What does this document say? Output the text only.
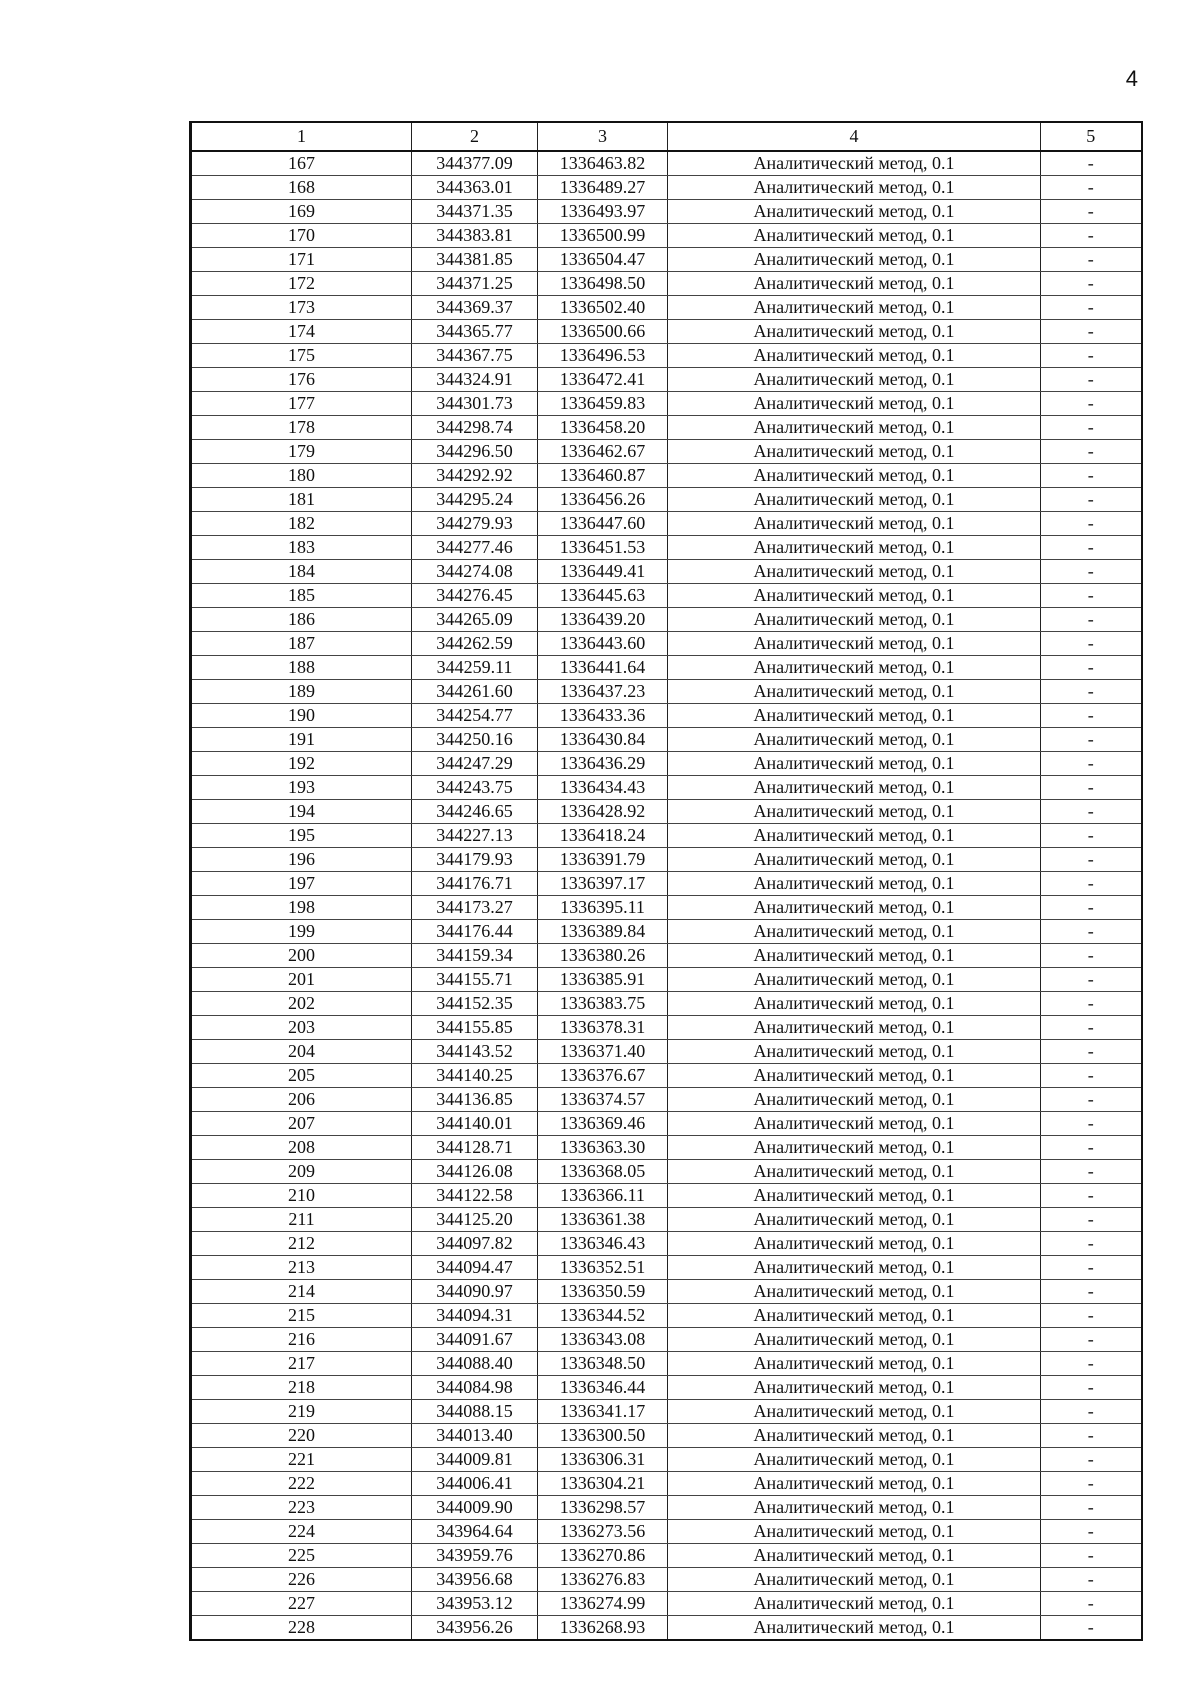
4
1	2	3	4	5
167	344377.09	1336463.82	Аналитический метод, 0.1	-
168	344363.01	1336489.27	Аналитический метод, 0.1	-
169	344371.35	1336493.97	Аналитический метод, 0.1	-
170	344383.81	1336500.99	Аналитический метод, 0.1	-
171	344381.85	1336504.47	Аналитический метод, 0.1	-
172	344371.25	1336498.50	Аналитический метод, 0.1	-
173	344369.37	1336502.40	Аналитический метод, 0.1	-
174	344365.77	1336500.66	Аналитический метод, 0.1	-
175	344367.75	1336496.53	Аналитический метод, 0.1	-
176	344324.91	1336472.41	Аналитический метод, 0.1	-
177	344301.73	1336459.83	Аналитический метод, 0.1	-
178	344298.74	1336458.20	Аналитический метод, 0.1	-
179	344296.50	1336462.67	Аналитический метод, 0.1	-
180	344292.92	1336460.87	Аналитический метод, 0.1	-
181	344295.24	1336456.26	Аналитический метод, 0.1	-
182	344279.93	1336447.60	Аналитический метод, 0.1	-
183	344277.46	1336451.53	Аналитический метод, 0.1	-
184	344274.08	1336449.41	Аналитический метод, 0.1	-
185	344276.45	1336445.63	Аналитический метод, 0.1	-
186	344265.09	1336439.20	Аналитический метод, 0.1	-
187	344262.59	1336443.60	Аналитический метод, 0.1	-
188	344259.11	1336441.64	Аналитический метод, 0.1	-
189	344261.60	1336437.23	Аналитический метод, 0.1	-
190	344254.77	1336433.36	Аналитический метод, 0.1	-
191	344250.16	1336430.84	Аналитический метод, 0.1	-
192	344247.29	1336436.29	Аналитический метод, 0.1	-
193	344243.75	1336434.43	Аналитический метод, 0.1	-
194	344246.65	1336428.92	Аналитический метод, 0.1	-
195	344227.13	1336418.24	Аналитический метод, 0.1	-
196	344179.93	1336391.79	Аналитический метод, 0.1	-
197	344176.71	1336397.17	Аналитический метод, 0.1	-
198	344173.27	1336395.11	Аналитический метод, 0.1	-
199	344176.44	1336389.84	Аналитический метод, 0.1	-
200	344159.34	1336380.26	Аналитический метод, 0.1	-
201	344155.71	1336385.91	Аналитический метод, 0.1	-
202	344152.35	1336383.75	Аналитический метод, 0.1	-
203	344155.85	1336378.31	Аналитический метод, 0.1	-
204	344143.52	1336371.40	Аналитический метод, 0.1	-
205	344140.25	1336376.67	Аналитический метод, 0.1	-
206	344136.85	1336374.57	Аналитический метод, 0.1	-
207	344140.01	1336369.46	Аналитический метод, 0.1	-
208	344128.71	1336363.30	Аналитический метод, 0.1	-
209	344126.08	1336368.05	Аналитический метод, 0.1	-
210	344122.58	1336366.11	Аналитический метод, 0.1	-
211	344125.20	1336361.38	Аналитический метод, 0.1	-
212	344097.82	1336346.43	Аналитический метод, 0.1	-
213	344094.47	1336352.51	Аналитический метод, 0.1	-
214	344090.97	1336350.59	Аналитический метод, 0.1	-
215	344094.31	1336344.52	Аналитический метод, 0.1	-
216	344091.67	1336343.08	Аналитический метод, 0.1	-
217	344088.40	1336348.50	Аналитический метод, 0.1	-
218	344084.98	1336346.44	Аналитический метод, 0.1	-
219	344088.15	1336341.17	Аналитический метод, 0.1	-
220	344013.40	1336300.50	Аналитический метод, 0.1	-
221	344009.81	1336306.31	Аналитический метод, 0.1	-
222	344006.41	1336304.21	Аналитический метод, 0.1	-
223	344009.90	1336298.57	Аналитический метод, 0.1	-
224	343964.64	1336273.56	Аналитический метод, 0.1	-
225	343959.76	1336270.86	Аналитический метод, 0.1	-
226	343956.68	1336276.83	Аналитический метод, 0.1	-
227	343953.12	1336274.99	Аналитический метод, 0.1	-
228	343956.26	1336268.93	Аналитический метод, 0.1	-
